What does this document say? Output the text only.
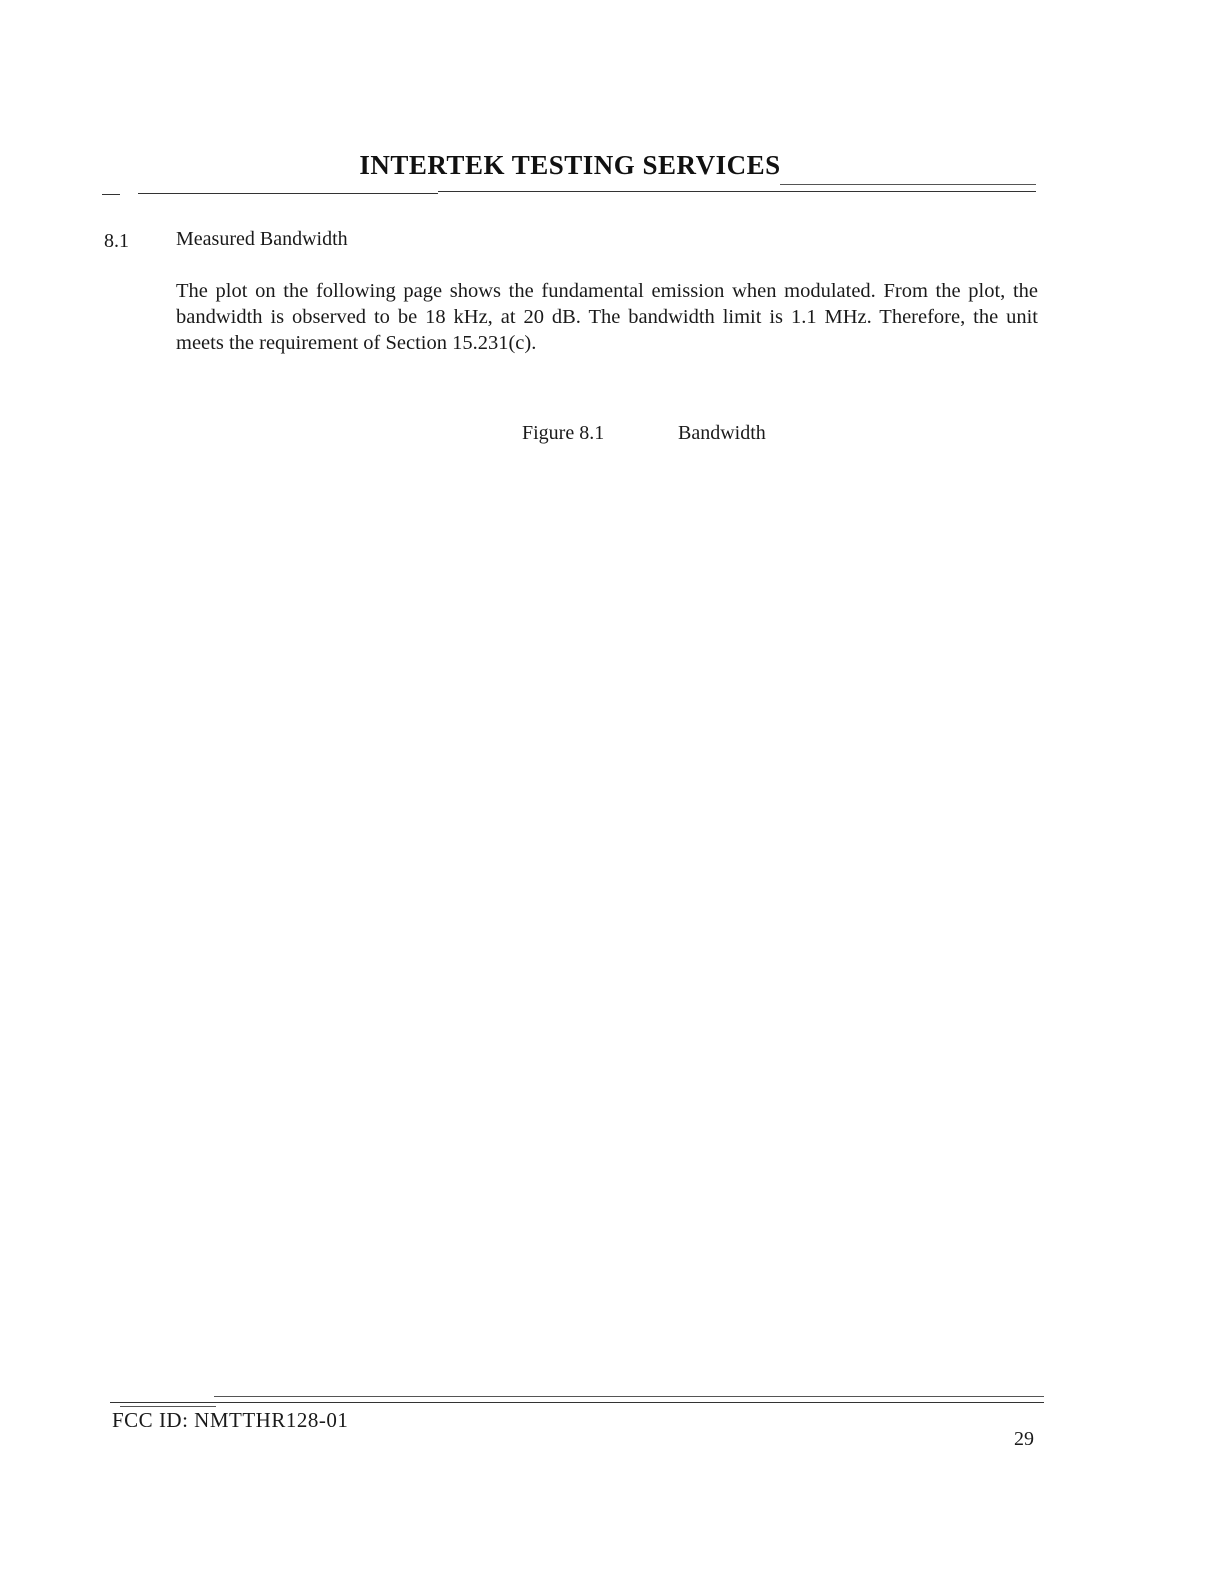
INTERTEK TESTING SERVICES
8.1 Measured Bandwidth
The plot on the following page shows the fundamental emission when modulated. From the plot, the bandwidth is observed to be 18 kHz, at 20 dB. The bandwidth limit is 1.1 MHz. Therefore, the unit meets the requirement of Section 15.231(c).
Figure 8.1	Bandwidth
FCC ID: NMTTHR128-01
29
